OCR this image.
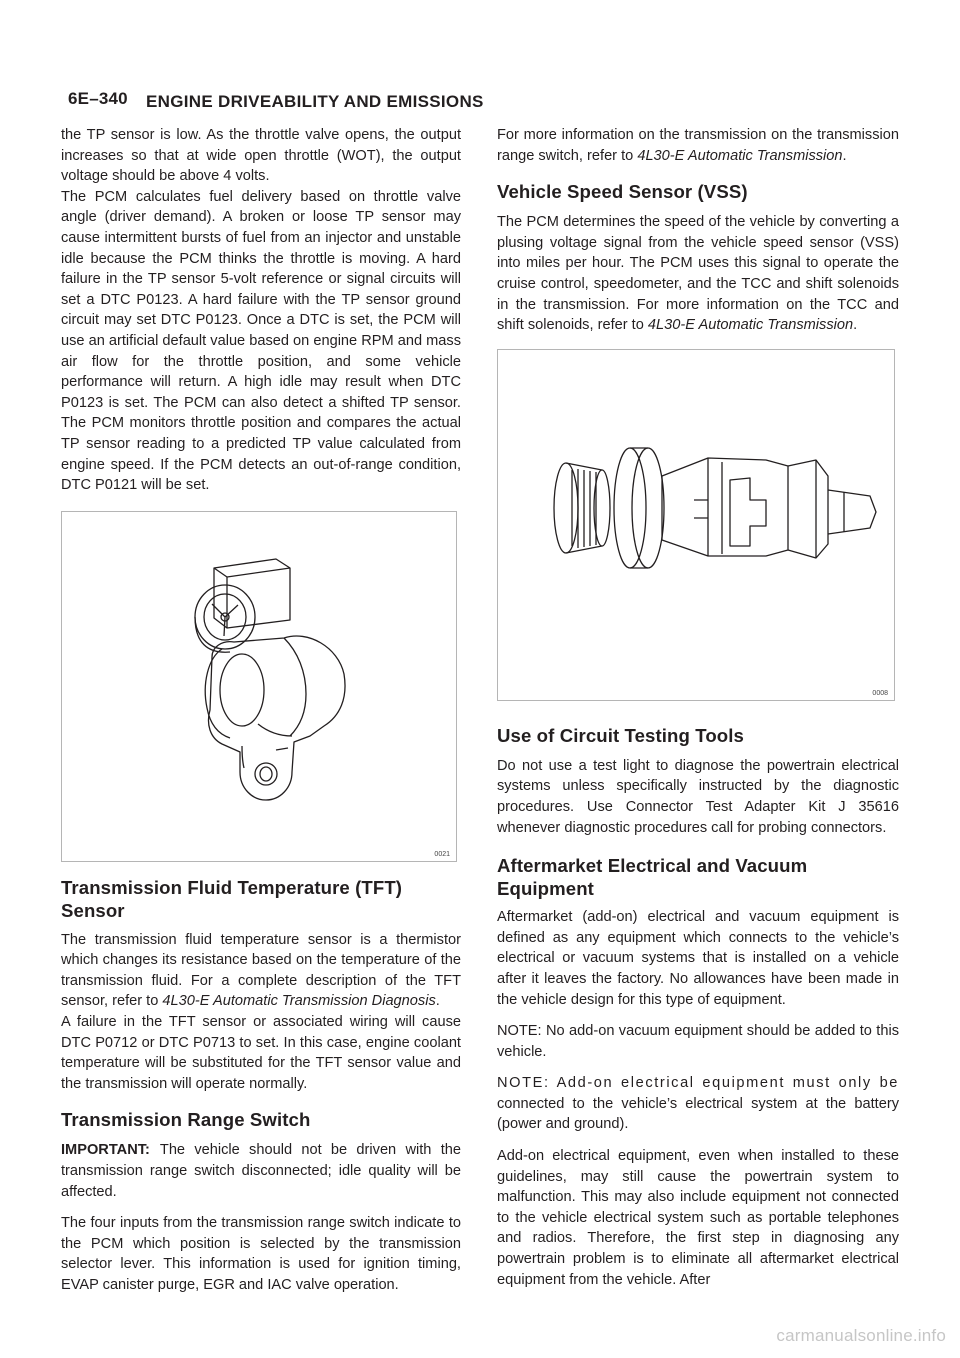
6E–340 ENGINE DRIVEABILITY AND EMISSIONS

the TP sensor is low. As the throttle valve opens, the output increases so that at wide open throttle (WOT), the output voltage should be above 4 volts.

The PCM calculates fuel delivery based on throttle valve angle (driver demand). A broken or loose TP sensor may cause intermittent bursts of fuel from an injector and unstable idle because the PCM thinks the throttle is moving. A hard failure in the TP sensor 5-volt reference or signal circuits will set a DTC P0123. A hard failure with the TP sensor ground circuit may set DTC P0123. Once a DTC is set, the PCM will use an artificial default value based on engine RPM and mass air flow for the throttle position, and some vehicle performance will return. A high idle may result when DTC P0123 is set. The PCM can also detect a shifted TP sensor. The PCM monitors throttle position and compares the actual TP sensor reading to a predicted TP value calculated from engine speed. If the PCM detects an out-of-range condition, DTC P0121 will be set.

0021
Transmission Fluid Temperature (TFT)
Sensor

The transmission fluid temperature sensor is a thermistor which changes its resistance based on the temperature of the transmission fluid. For a complete description of the TFT sensor, refer to 4L30-E Automatic Transmission Diagnosis.

A failure in the TFT sensor or associated wiring will cause DTC P0712 or DTC P0713 to set. In this case, engine coolant temperature will be substituted for the TFT sensor value and the transmission will operate normally.

Transmission Range Switch

IMPORTANT: The vehicle should not be driven with the transmission range switch disconnected; idle quality will be affected.

The four inputs from the transmission range switch indicate to the PCM which position is selected by the transmission selector lever. This information is used for ignition timing, EVAP canister purge, EGR and IAC valve operation.

For more information on the transmission on the transmission range switch, refer to 4L30-E Automatic Transmission.

Vehicle Speed Sensor (VSS)

The PCM determines the speed of the vehicle by converting a plusing voltage signal from the vehicle speed sensor (VSS) into miles per hour. The PCM uses this signal to operate the cruise control, speedometer, and the TCC and shift solenoids in the transmission. For more information on the TCC and shift solenoids, refer to 4L30-E Automatic Transmission.

0008
Use of Circuit Testing Tools

Do not use a test light to diagnose the powertrain electrical systems unless specifically instructed by the diagnostic procedures. Use Connector Test Adapter Kit J 35616 whenever diagnostic procedures call for probing connectors.

Aftermarket Electrical and Vacuum
Equipment

Aftermarket (add-on) electrical and vacuum equipment is defined as any equipment which connects to the vehicle’s electrical or vacuum systems that is installed on a vehicle after it leaves the factory. No allowances have been made in the vehicle design for this type of equipment.

NOTE: No add-on vacuum equipment should be added to this vehicle.

NOTE: Add-on electrical equipment must only be connected to the vehicle’s electrical system at the battery (power and ground).

Add-on electrical equipment, even when installed to these guidelines, may still cause the powertrain system to malfunction. This may also include equipment not connected to the vehicle electrical system such as portable telephones and radios. Therefore, the first step in diagnosing any powertrain problem is to eliminate all aftermarket electrical equipment from the vehicle. After

carmanualsonline.info
